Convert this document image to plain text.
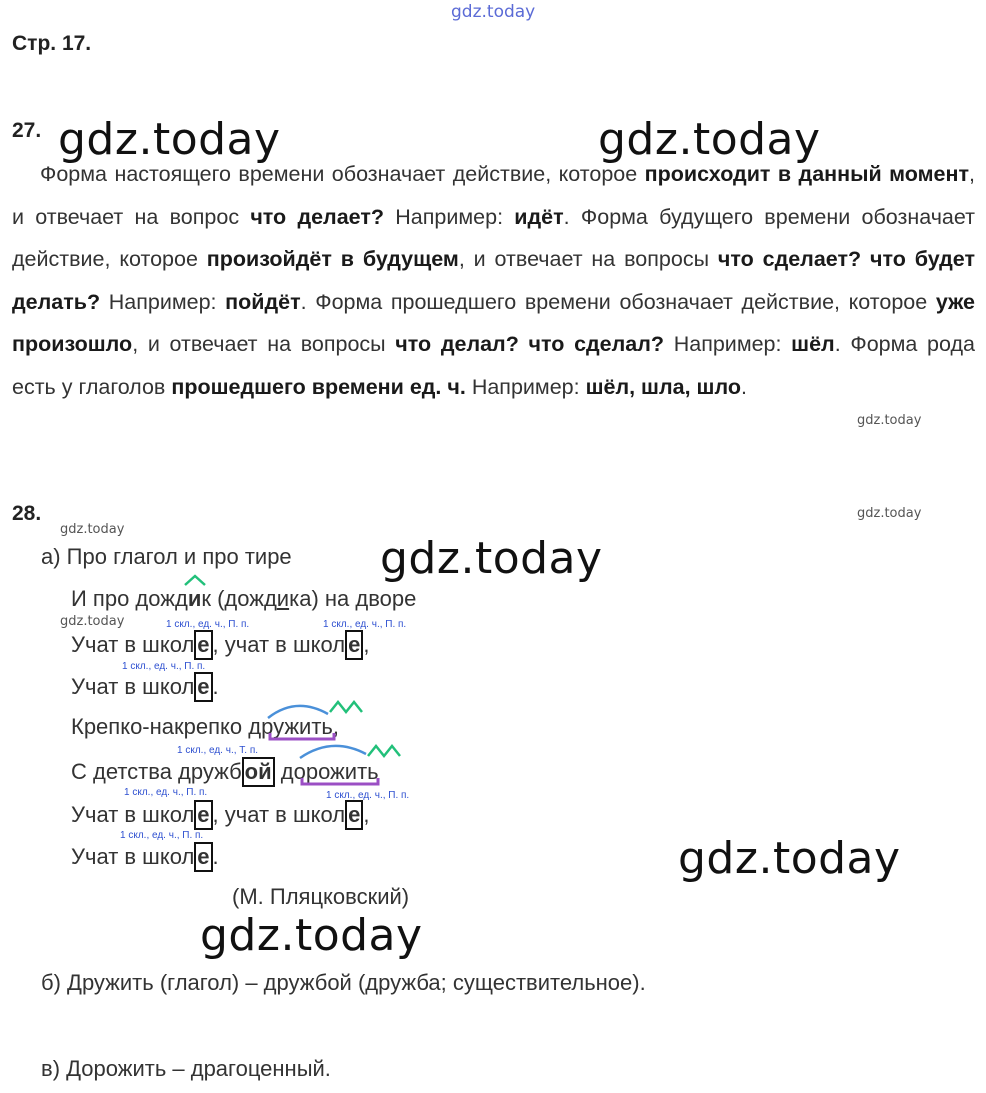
gdz.today
gdz.today	gdz.today
gdz.today
gdz.today
gdz.today
gdz.today
gdz.today
gdz.today
gdz.today
Стр. 17.
27.
Форма настоящего времени обозначает действие, которое происходит в данный момент, и отвечает на вопрос что делает? Например: идёт. Форма будущего времени обозначает действие, которое произойдёт в будущем, и отвечает на вопросы что сделает? что будет делать? Например: пойдёт. Форма прошедшего времени обозначает действие, которое уже произошло, и отвечает на вопросы что делал? что сделал? Например: шёл. Форма рода есть у глаголов прошедшего времени ед. ч. Например: шёл, шла, шло.
28.
а) Про глагол и про тире
И про дожди
к (дождика) на дворе
1 скл., ед. ч., П. п.	1 скл., ед. ч., П. п.
Учат в школ е , учат в школ е ,
1 скл., ед. ч., П. п.
Учат в школ е .
Крепко-накрепко дружить,
1 скл., ед. ч., Т. п.
С детства дружб ой дорожить
1 скл., ед. ч., П. п.	1 скл., ед. ч., П. п.
Учат в школ е , учат в школ е ,
1 скл., ед. ч., П. п.
Учат в школ е .
(М. Пляцковский)
б) Дружить (глагол) – дружбой (дружба; существительное).
в) Дорожить – драгоценный.
